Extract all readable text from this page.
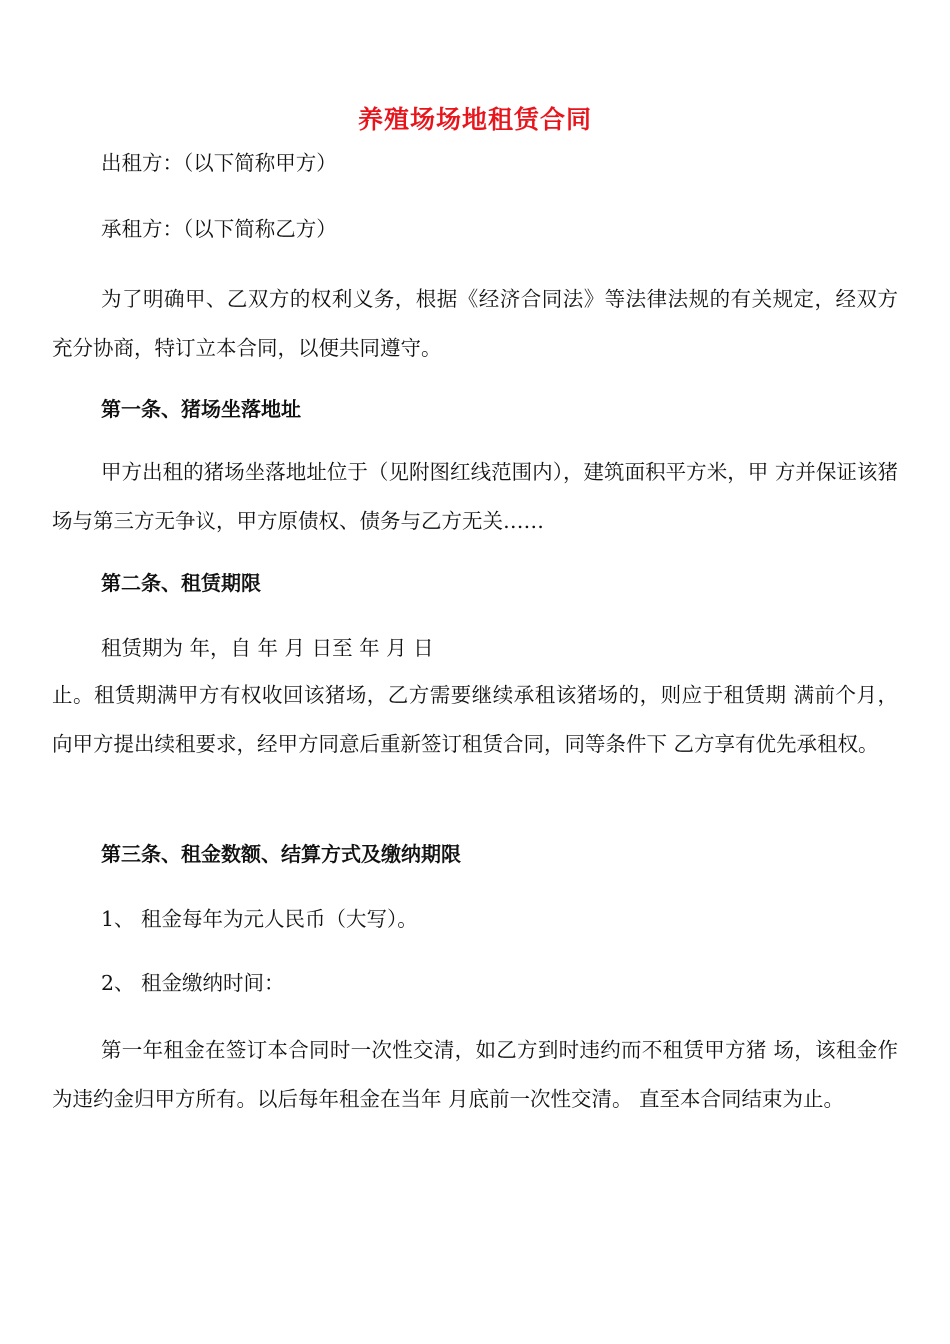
养殖场场地租赁合同

出租方：（以下简称甲方）

承租方：（以下简称乙方）

为了明确甲、乙双方的权利义务，根据《经济合同法》等法律法规的有关规定，经双方充分协商，特订立本合同，以便共同遵守。

第一条、猪场坐落地址

甲方出租的猪场坐落地址位于（见附图红线范围内），建筑面积平方米，甲 方并保证该猪场与第三方无争议，甲方原债权、债务与乙方无关……

第二条、租赁期限

租赁期为 年，自 年 月 日至 年 月 日

止。租赁期满甲方有权收回该猪场，乙方需要继续承租该猪场的，则应于租赁期 满前个月，向甲方提出续租要求，经甲方同意后重新签订租赁合同，同等条件下 乙方享有优先承租权。

第三条、租金数额、结算方式及缴纳期限

1、 租金每年为元人民币（大写）。

2、 租金缴纳时间：

第一年租金在签订本合同时一次性交清，如乙方到时违约而不租赁甲方猪 场，该租金作为违约金归甲方所有。以后每年租金在当年 月底前一次性交清。 直至本合同结束为止。
